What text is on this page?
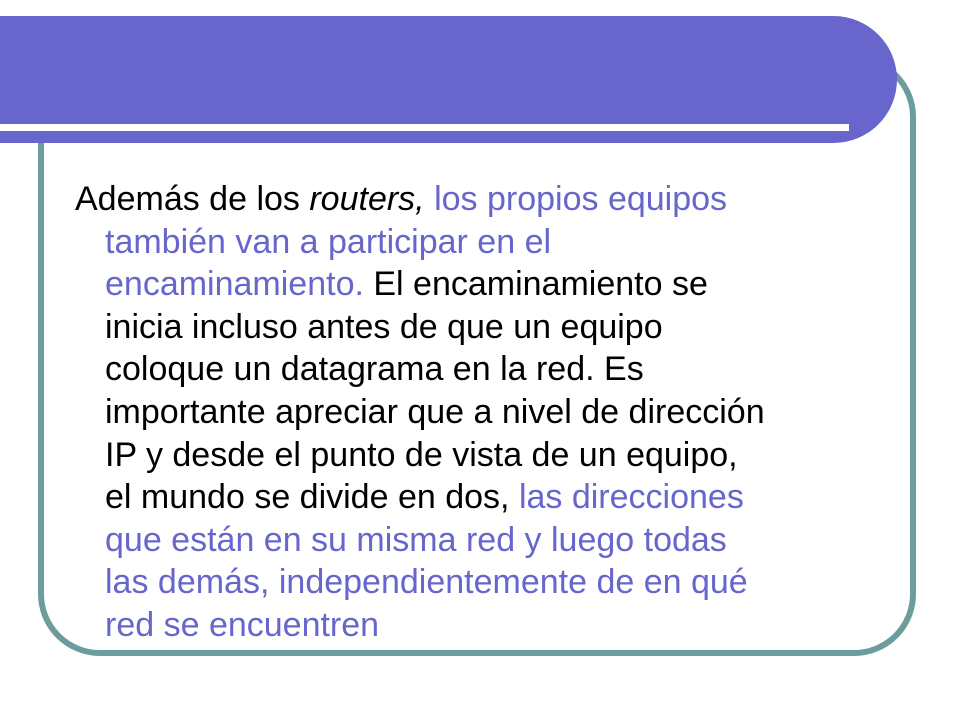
Además de los routers, los propios equipos
también van a participar en el
encaminamiento. El encaminamiento se
inicia incluso antes de que un equipo
coloque un datagrama en la red. Es
importante apreciar que a nivel de dirección
IP y desde el punto de vista de un equipo,
el mundo se divide en dos, las direcciones
que están en su misma red y luego todas
las demás, independientemente de en qué
red se encuentren
